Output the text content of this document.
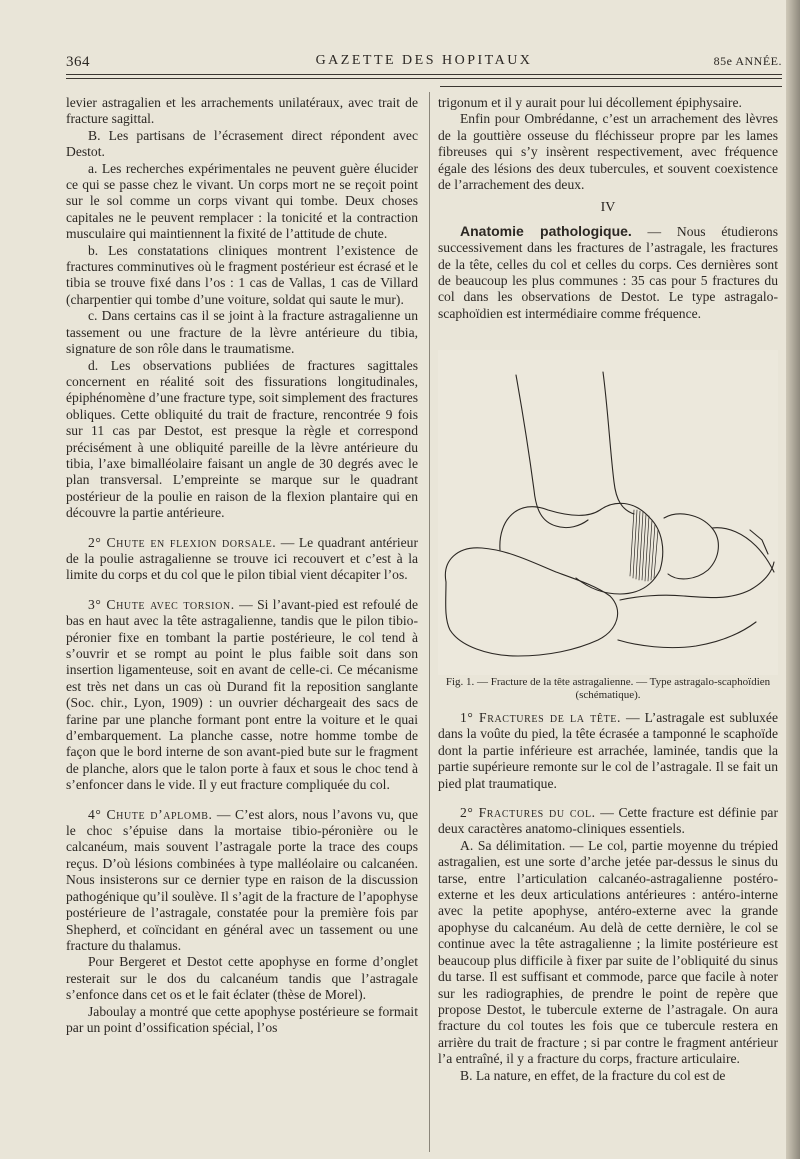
364	GAZETTE DES HOPITAUX	85e ANNÉE.

levier astragalien et les arrachements unilatéraux, avec trait de fracture sagittal.

B. Les partisans de l’écrasement direct répondent avec Destot.

a. Les recherches expérimentales ne peuvent guère élucider ce qui se passe chez le vivant. Un corps mort ne se reçoit point sur le sol comme un corps vivant qui tombe. Deux choses capitales ne le peuvent remplacer : la tonicité et la contraction musculaire qui maintiennent la fixité de l’attitude de chute.

b. Les constatations cliniques montrent l’existence de fractures comminutives où le fragment postérieur est écrasé et le tibia se trouve fixé dans l’os : 1 cas de Vallas, 1 cas de Villard (charpentier qui tombe d’une voiture, soldat qui saute le mur).

c. Dans certains cas il se joint à la fracture astragalienne un tassement ou une fracture de la lèvre antérieure du tibia, signature de son rôle dans le traumatisme.

d. Les observations publiées de fractures sagittales concernent en réalité soit des fissurations longitudinales, épiphénomène d’une fracture type, soit simplement des fractures obliques. Cette obliquité du trait de fracture, rencontrée 9 fois sur 11 cas par Destot, est presque la règle et correspond précisément à une obliquité pareille de la lèvre antérieure du tibia, l’axe bimalléolaire faisant un angle de 30 degrés avec le plan transversal. L’empreinte se marque sur le quadrant postérieur de la poulie en raison de la flexion plantaire qui en découvre la partie antérieure.

2° Chute en flexion dorsale. — Le quadrant antérieur de la poulie astragalienne se trouve ici recouvert et c’est à la limite du corps et du col que le pilon tibial vient décapiter l’os.

3° Chute avec torsion. — Si l’avant-pied est refoulé de bas en haut avec la tête astragalienne, tandis que le pilon tibio-péronier fixe en tombant la partie postérieure, le col tend à s’ouvrir et se rompt au point le plus faible soit dans son insertion ligamenteuse, soit en avant de celle-ci. Ce mécanisme est très net dans un cas où Durand fit la reposition sanglante (Soc. chir., Lyon, 1909) : un ouvrier déchargeait des sacs de farine par une planche formant pont entre la voiture et le quai d’embarquement. La planche casse, notre homme tombe de façon que le bord interne de son avant-pied bute sur le fragment de planche, alors que le talon porte à faux et sous le choc tend à s’enfoncer dans le vide. Il y eut fracture compliquée du col.

4° Chute d’aplomb. — C’est alors, nous l’avons vu, que le choc s’épuise dans la mortaise tibio-péronière ou le calcanéum, mais souvent l’astragale porte la trace des coups reçus. D’où lésions combinées à type malléolaire ou calcanéen. Nous insisterons sur ce dernier type en raison de la discussion pathogénique qu’il soulève. Il s’agit de la fracture de l’apophyse postérieure de l’astragale, constatée pour la première fois par Shepherd, et coïncidant en général avec un tassement ou une fracture du thalamus.

Pour Bergeret et Destot cette apophyse en forme d’onglet resterait sur le dos du calcanéum tandis que l’astragale s’enfonce dans cet os et le fait éclater (thèse de Morel).

Jaboulay a montré que cette apophyse postérieure se formait par un point d’ossification spécial, l’os

trigonum et il y aurait pour lui décollement épiphysaire.

Enfin pour Ombrédanne, c’est un arrachement des lèvres de la gouttière osseuse du fléchisseur propre par les lames fibreuses qui s’y insèrent respectivement, avec fréquence égale des lésions des deux tubercules, et souvent coexistence de l’arrachement des deux.

IV

Anatomie pathologique. — Nous étudierons successivement dans les fractures de l’astragale, les fractures de la tête, celles du col et celles du corps. Ces dernières sont de beaucoup les plus communes : 35 cas pour 5 fractures du col dans les observations de Destot. Le type astragalo-scaphoïdien est intermédiaire comme fréquence.

Fig. 1. — Fracture de la tête astragalienne. — Type astragalo-scaphoïdien (schématique).

1° Fractures de la tête. — L’astragale est subluxée dans la voûte du pied, la tête écrasée a tamponné le scaphoïde dont la partie inférieure est arrachée, laminée, tandis que la partie supérieure remonte sur le col de l’astragale. Il se fait un pied plat traumatique.

2° Fractures du col. — Cette fracture est définie par deux caractères anatomo-cliniques essentiels.

A. Sa délimitation. — Le col, partie moyenne du trépied astragalien, est une sorte d’arche jetée par-dessus le sinus du tarse, entre l’articulation calcanéo-astragalienne postéro-externe et les deux articulations antérieures : antéro-interne avec la petite apophyse, antéro-externe avec la grande apophyse du calcanéum. Au delà de cette dernière, le col se continue avec la tête astragalienne ; la limite postérieure est beaucoup plus difficile à fixer par suite de l’obliquité du sinus du tarse. Il est suffisant et commode, parce que facile à noter sur les radiographies, de prendre le point de repère que propose Destot, le tubercule externe de l’astragale. On aura fracture du col toutes les fois que ce tubercule restera en arrière du trait de fracture ; si par contre le fragment antérieur l’a entraîné, il y a fracture du corps, fracture articulaire.

B. La nature, en effet, de la fracture du col est de
